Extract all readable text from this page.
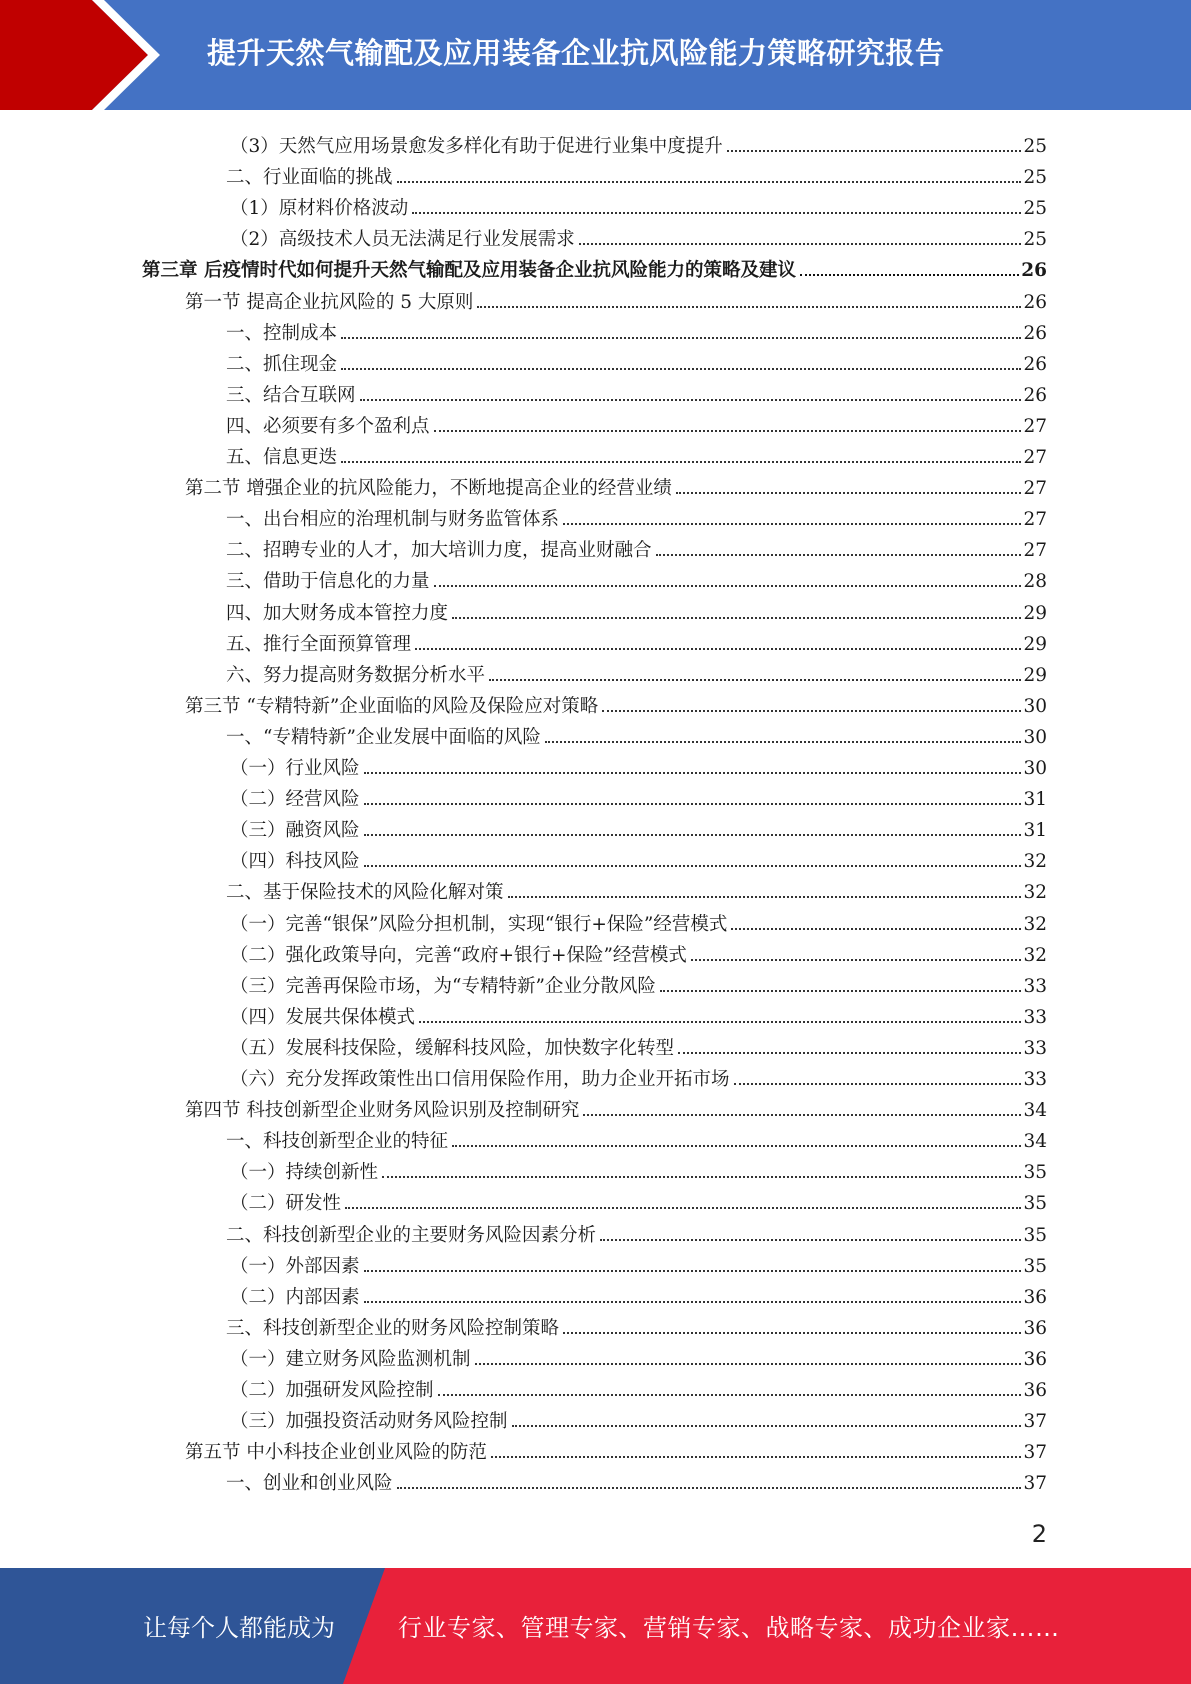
提升天然气输配及应用装备企业抗风险能力策略研究报告
（3）天然气应用场景愈发多样化有助于促进行业集中度提升	25
二、行业面临的挑战	25
（1）原材料价格波动	25
（2）高级技术人员无法满足行业发展需求	25
第三章 后疫情时代如何提升天然气输配及应用装备企业抗风险能力的策略及建议	26
第一节 提高企业抗风险的 5 大原则	26
一、控制成本	26
二、抓住现金	26
三、结合互联网	26
四、必须要有多个盈利点	27
五、信息更迭	27
第二节 增强企业的抗风险能力，不断地提高企业的经营业绩	27
一、出台相应的治理机制与财务监管体系	27
二、招聘专业的人才，加大培训力度，提高业财融合	27
三、借助于信息化的力量	28
四、加大财务成本管控力度	29
五、推行全面预算管理	29
六、努力提高财务数据分析水平	29
第三节 “专精特新”企业面临的风险及保险应对策略	30
一、“专精特新”企业发展中面临的风险	30
（一）行业风险	30
（二）经营风险	31
（三）融资风险	31
（四）科技风险	32
二、基于保险技术的风险化解对策	32
（一）完善“银保”风险分担机制，实现“银行+保险”经营模式	32
（二）强化政策导向，完善“政府+银行+保险”经营模式	32
（三）完善再保险市场，为“专精特新”企业分散风险	33
（四）发展共保体模式	33
（五）发展科技保险，缓解科技风险，加快数字化转型	33
（六）充分发挥政策性出口信用保险作用，助力企业开拓市场	33
第四节 科技创新型企业财务风险识别及控制研究	34
一、科技创新型企业的特征	34
（一）持续创新性	35
（二）研发性	35
二、科技创新型企业的主要财务风险因素分析	35
（一）外部因素	35
（二）内部因素	36
三、科技创新型企业的财务风险控制策略	36
（一）建立财务风险监测机制	36
（二）加强研发风险控制	36
（三）加强投资活动财务风险控制	37
第五节 中小科技企业创业风险的防范	37
一、创业和创业风险	37
2
让每个人都能成为	行业专家、管理专家、营销专家、战略专家、成功企业家……
